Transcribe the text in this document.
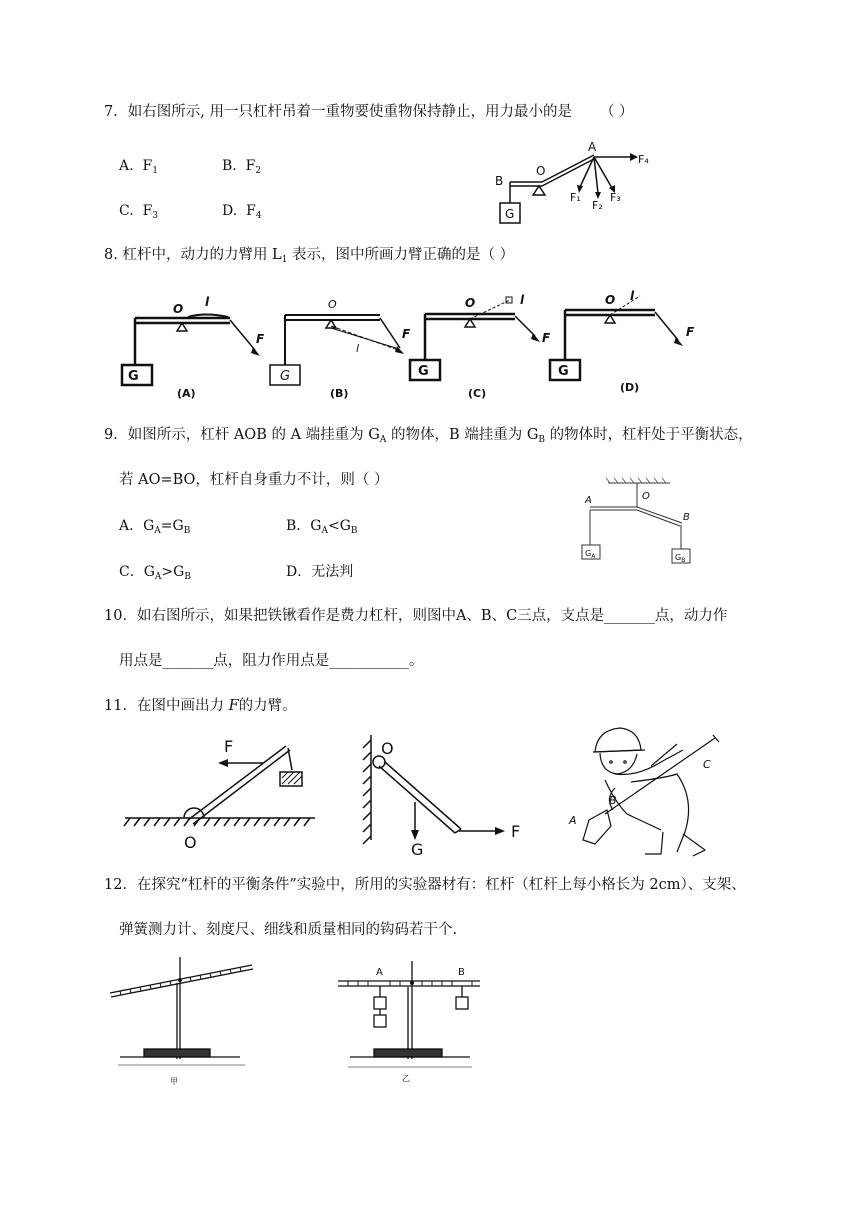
7．如右图所示, 用一只杠杆吊着一重物要使重物保持静止，用力最小的是 （ ）
A. $F_1$	B. $F_2$
C. $F_3$	D. $F_4$
B
O
A
G
F₁
F₂
F₃
F₄
8. 杠杆中，动力的力臂用 $L_1$ 表示，图中所画力臂正确的是（ ）
O l
F
G
(A)
O
l
F
G
(B)
O	l
F
G
(C)
O l
F
G
(D)
9．如图所示，杠杆 AOB 的 A 端挂重为 $G_A$ 的物体，B 端挂重为 $G_B$ 的物体时，杠杆处于平衡状态，
若 AO=BO，杠杆自身重力不计，则（ ）
A．$G_A=G_B$	B．$G_A<G_B$
C．$G_A>G_B$	D．无法判
A	O
B
$G_A$	$G_B$
10．如右图所示，如果把铁锹看作是费力杠杆，则图中A、B、C三点，支点是_______点，动力作
用点是_______点，阻力作用点是___________。
11．在图中画出力 F的力臂。
F
O
O
G
F
A
B
C
12．在探究“杠杆的平衡条件”实验中，所用的实验器材有：杠杆（杠杆上每小格长为 2cm）、支架、
弹簧测力计、刻度尺、细线和质量相同的钩码若干个.
甲
A	B
乙
